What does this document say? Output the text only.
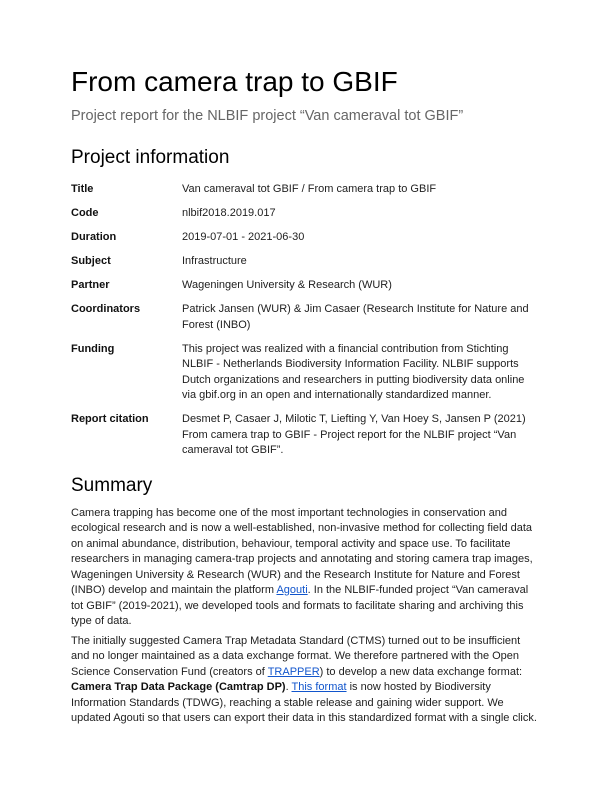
From camera trap to GBIF
Project report for the NLBIF project “Van cameraval tot GBIF”
Project information
Title	Van cameraval tot GBIF / From camera trap to GBIF
Code	nlbif2018.2019.017
Duration	2019-07-01 - 2021-06-30
Subject	Infrastructure
Partner	Wageningen University & Research (WUR)
Coordinators	Patrick Jansen (WUR) & Jim Casaer (Research Institute for Nature and Forest (INBO)
Funding	This project was realized with a financial contribution from Stichting NLBIF - Netherlands Biodiversity Information Facility. NLBIF supports Dutch organizations and researchers in putting biodiversity data online via gbif.org in an open and internationally standardized manner.
Report citation	Desmet P, Casaer J, Milotic T, Liefting Y, Van Hoey S, Jansen P (2021) From camera trap to GBIF - Project report for the NLBIF project “Van cameraval tot GBIF”.
Summary

Camera trapping has become one of the most important technologies in conservation and ecological research and is now a well-established, non-invasive method for collecting field data on animal abundance, distribution, behaviour, temporal activity and space use. To facilitate researchers in managing camera-trap projects and annotating and storing camera trap images, Wageningen University & Research (WUR) and the Research Institute for Nature and Forest (INBO) develop and maintain the platform Agouti. In the NLBIF-funded project “Van cameraval tot GBIF” (2019-2021), we developed tools and formats to facilitate sharing and archiving this type of data.

The initially suggested Camera Trap Metadata Standard (CTMS) turned out to be insufficient and no longer maintained as a data exchange format. We therefore partnered with the Open Science Conservation Fund (creators of TRAPPER) to develop a new data exchange format: Camera Trap Data Package (Camtrap DP). This format is now hosted by Biodiversity Information Standards (TDWG), reaching a stable release and gaining wider support. We updated Agouti so that users can export their data in this standardized format with a single click.
